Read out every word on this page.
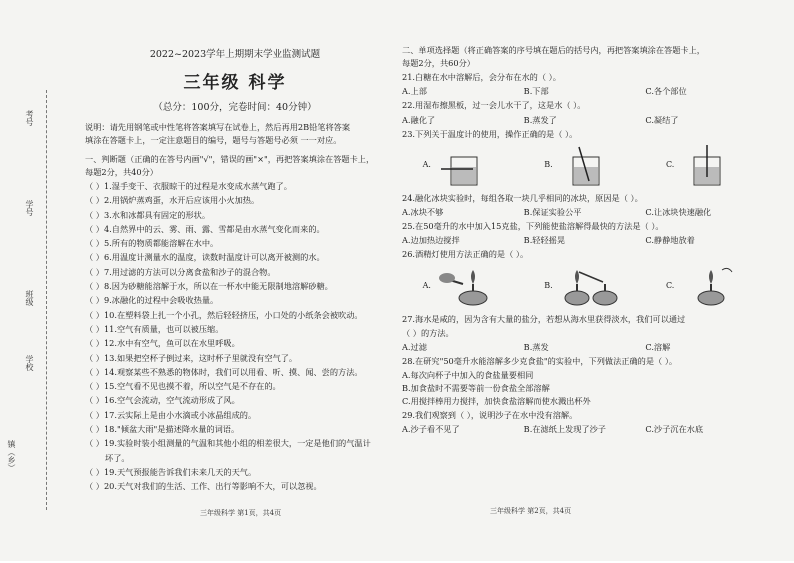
考号
学号
班级
学校
镇（乡）
2022~2023学年上期期末学业监测试题
三年级 科学
（总分：100分，完卷时间：40分钟）

说明：请先用钢笔或中性笔将答案填写在试卷上，然后再用2B铅笔将答案

填涂在答题卡上，一定注意题目的编号，题号与答题号必须 一一对应。

一、判断题（正确的在答号内画"√"，错误的画"×"，再把答案填涂在答题卡上，

每题2分，共40分）

（ ）1.湿手变干、衣服晾干的过程是水变成水蒸气跑了。
（ ）2.用锅炉蒸鸡蛋，水开后应该用小火加热。
（ ）3.水和冰都具有固定的形状。
（ ）4.自然界中的云、雾、雨、露、雪都是由水蒸气变化而来的。
（ ）5.所有的物质都能溶解在水中。
（ ）6.用温度计测量水的温度，读数时温度计可以离开被测的水。
（ ）7.用过滤的方法可以分离食盐和沙子的混合物。
（ ）8.因为砂糖能溶解于水，所以在一杯水中能无限制地溶解砂糖。
（ ）9.冰融化的过程中会吸收热量。
（ ）10.在塑料袋上扎一个小孔，然后轻轻挤压，小口处的小纸条会被吹动。
（ ）11.空气有质量，也可以被压缩。
（ ）12.水中有空气，鱼可以在水里呼吸。
（ ）13.如果把空杯子倒过来，这时杯子里就没有空气了。
（ ）14.观察某些不熟悉的物体时，我们可以用看、听、摸、闻、尝的方法。
（ ）15.空气看不见也摸不着，所以空气是不存在的。
（ ）16.空气会流动，空气流动形成了风。
（ ）17.云实际上是由小水滴或小冰晶组成的。
（ ）18."倾盆大雨"是描述降水量的词语。
（ ）19.实验时装小组测量的气温和其他小组的相差很大，一定是他们的气温计
坏了。
（ ）19.天气预报能告诉我们未来几天的天气。
（ ）20.天气对我们的生活、工作、出行等影响不大，可以忽视。
三年级科学 第1页，共4页

二、单项选择题（将正确答案的序号填在题后的括号内，再把答案填涂在答题卡上，

每题2分，共60分）

21.白糖在水中溶解后，会分布在水的（ ）。
A.上部	B.下部	C.各个部位
22.用湿布擦黑板，过一会儿水干了，这是水（ ）。
A.融化了	B.蒸发了	C.凝结了
23.下列关于温度计的使用，操作正确的是（ ）。
A.	B.	C.
24.融化冰块实验时，每组各取一块几乎相同的冰块，原因是（ ）。
A.冰块不够	B.保证实验公平	C.让冰块快速融化
25.在50毫升的水中加入15克盐，下列能使盐溶解得最快的方法是（ ）。
A.边加热边搅拌	B.轻轻摇晃	C.静静地放着
26.酒精灯使用方法正确的是（ ）。
A.	B.	C.
27.海水是咸的，因为含有大量的盐分，若想从海水里获得淡水，我们可以通过
（ ）的方法。
A.过滤	B.蒸发	C.溶解
28.在研究"50毫升水能溶解多少克食盐"的实验中，下列做法正确的是（ ）。
A.每次向杯子中加入的食盐量要相同
B.加食盐时不需要等前一份食盐全部溶解
C.用搅拌棒用力搅拌，加快食盐溶解而使水溅出杯外
29.我们观察到（ ），说明沙子在水中没有溶解。
A.沙子看不见了	B.在滤纸上发现了沙子	C.沙子沉在水底
三年级科学 第2页，共4页
